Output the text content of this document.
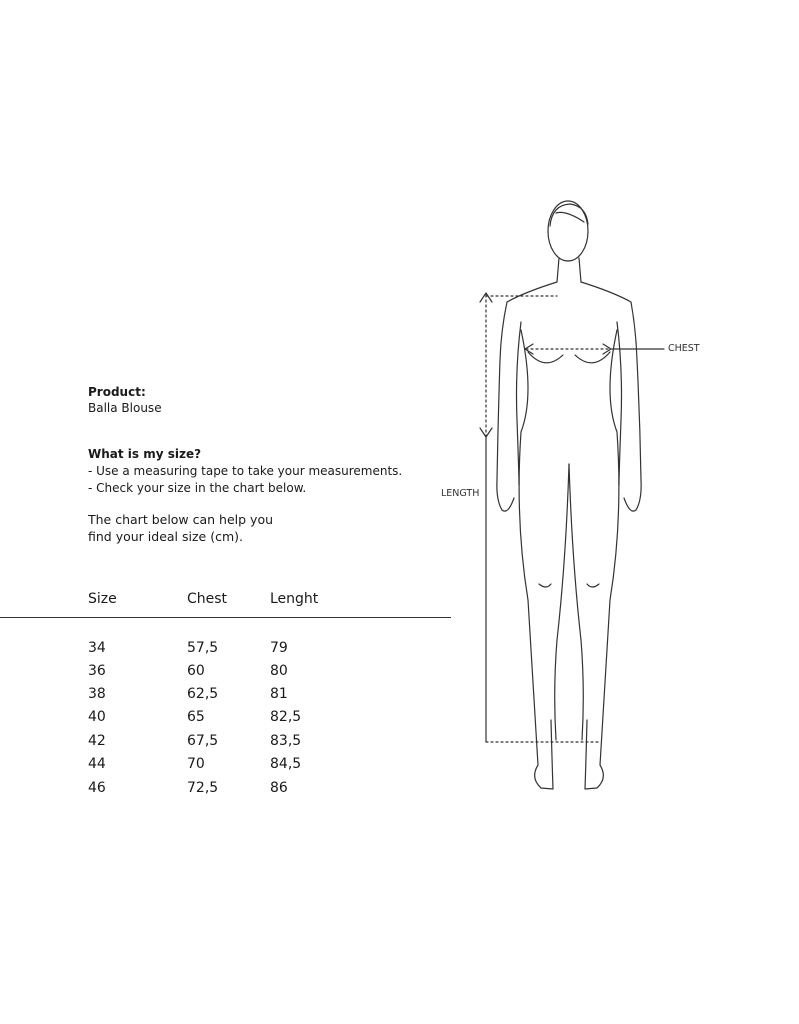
Product:
Balla Blouse
What is my size?
- Use a measuring tape to take your measurements.
- Check your size in the chart below.
The chart below can help you
find your ideal size (cm).
Size	Chest	Lenght
34	57,5	79
36	60	80
38	62,5	81
40	65	82,5
42	67,5	83,5
44	70	84,5
46	72,5	86
CHEST
LENGTH
